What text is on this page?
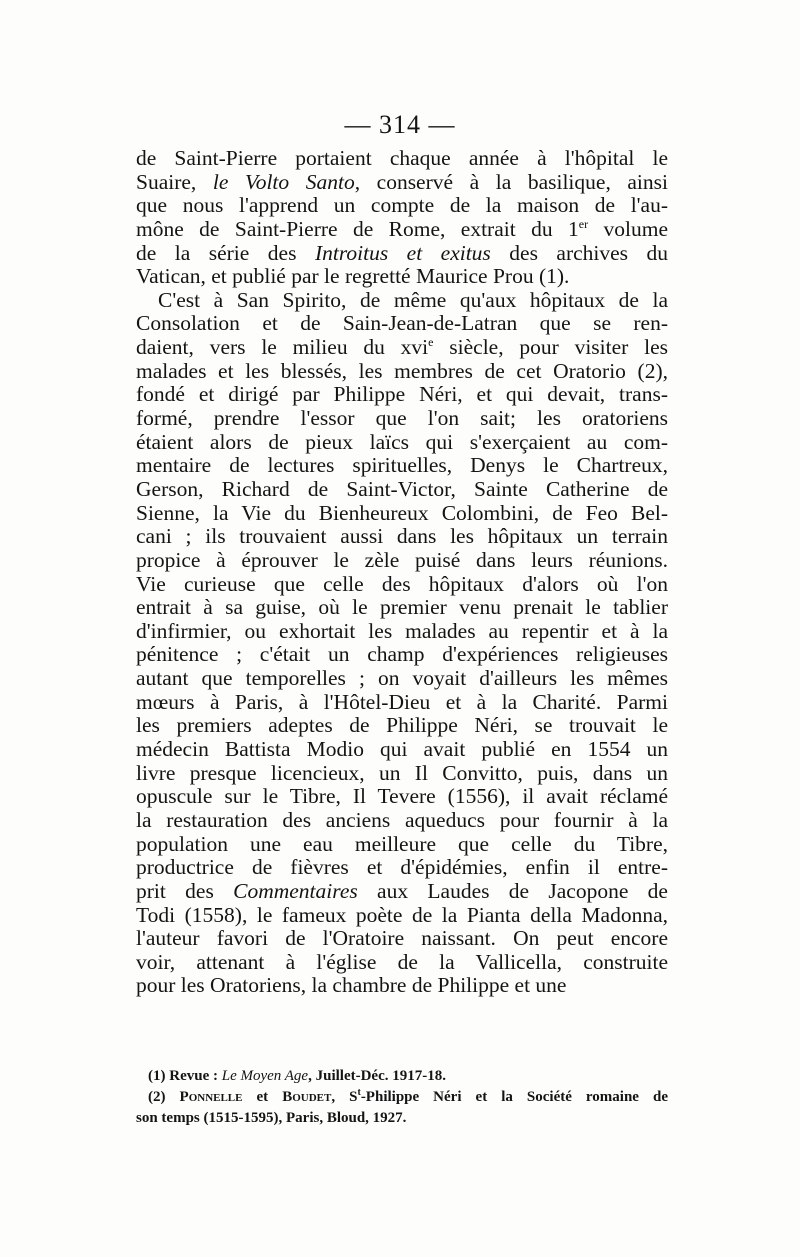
— 314 —
de Saint-Pierre portaient chaque année à l'hôpital le
Suaire, le Volto Santo, conservé à la basilique, ainsi
que nous l'apprend un compte de la maison de l'au-
mône de Saint-Pierre de Rome, extrait du 1er volume
de la série des Introitus et exitus des archives du
Vatican, et publié par le regretté Maurice Prou (1).
C'est à San Spirito, de même qu'aux hôpitaux de la
Consolation et de Sain-Jean-de-Latran que se ren-
daient, vers le milieu du xvi$^e$ siècle, pour visiter les
malades et les blessés, les membres de cet Oratorio (2),
fondé et dirigé par Philippe Néri, et qui devait, trans-
formé, prendre l'essor que l'on sait; les oratoriens
étaient alors de pieux laïcs qui s'exerçaient au com-
mentaire de lectures spirituelles, Denys le Chartreux,
Gerson, Richard de Saint-Victor, Sainte Catherine de
Sienne, la Vie du Bienheureux Colombini, de Feo Bel-
cani ; ils trouvaient aussi dans les hôpitaux un terrain
propice à éprouver le zèle puisé dans leurs réunions.
Vie curieuse que celle des hôpitaux d'alors où l'on
entrait à sa guise, où le premier venu prenait le tablier
d'infirmier, ou exhortait les malades au repentir et à la
pénitence ; c'était un champ d'expériences religieuses
autant que temporelles ; on voyait d'ailleurs les mêmes
mœurs à Paris, à l'Hôtel-Dieu et à la Charité. Parmi
les premiers adeptes de Philippe Néri, se trouvait le
médecin Battista Modio qui avait publié en 1554 un
livre presque licencieux, un Il Convitto, puis, dans un
opuscule sur le Tibre, Il Tevere (1556), il avait réclamé
la restauration des anciens aqueducs pour fournir à la
population une eau meilleure que celle du Tibre,
productrice de fièvres et d'épidémies, enfin il entre-
prit des Commentaires aux Laudes de Jacopone de
Todi (1558), le fameux poète de la Pianta della Madonna,
l'auteur favori de l'Oratoire naissant. On peut encore
voir, attenant à l'église de la Vallicella, construite
pour les Oratoriens, la chambre de Philippe et une
(1) Revue : Le Moyen Age, Juillet-Déc. 1917-18.
(2) Ponnelle et Boudet, $S^t$-Philippe Néri et la Société romaine de
son temps (1515-1595), Paris, Bloud, 1927.
